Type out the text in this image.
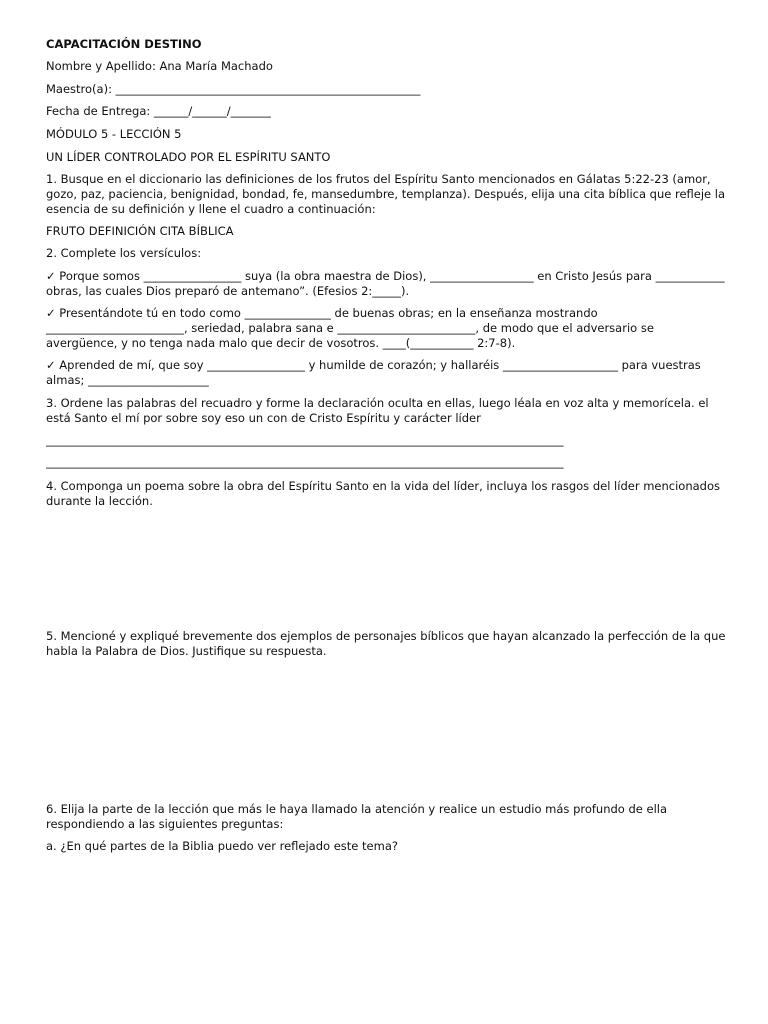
CAPACITACIÓN DESTINO
Nombre y Apellido: Ana María Machado
Maestro(a): _____________________________________________________
Fecha de Entrega: ______/______/_______
MÓDULO 5 - LECCIÓN 5
UN LÍDER CONTROLADO POR EL ESPÍRITU SANTO
1. Busque en el diccionario las definiciones de los frutos del Espíritu Santo mencionados en Gálatas 5:22-23 (amor, gozo, paz, paciencia, benignidad, bondad, fe, mansedumbre, templanza). Después, elija una cita bíblica que refleje la esencia de su definición y llene el cuadro a continuación:
FRUTO DEFINICIÓN CITA BÍBLICA
2. Complete los versículos:
✓ Porque somos _________________ suya (la obra maestra de Dios), __________________ en Cristo Jesús para ____________ obras, las cuales Dios preparó de antemano”. (Efesios 2:_____).
✓ Presentándote tú en todo como _______________ de buenas obras; en la enseñanza mostrando ________________________, seriedad, palabra sana e ________________________, de modo que el adversario se avergüence, y no tenga nada malo que decir de vosotros. ____(___________ 2:7-8).
✓ Aprended de mí, que soy _________________ y humilde de corazón; y hallaréis ____________________ para vuestras almas; _____________________
3. Ordene las palabras del recuadro y forme la declaración oculta en ellas, luego léala en voz alta y memorícela. el está Santo el mí por sobre soy eso un con de Cristo Espíritu y carácter líder
__________________________________________________________________________________________
__________________________________________________________________________________________
4. Componga un poema sobre la obra del Espíritu Santo en la vida del líder, incluya los rasgos del líder mencionados durante la lección.
5. Mencioné y expliqué brevemente dos ejemplos de personajes bíblicos que hayan alcanzado la perfección de la que habla la Palabra de Dios. Justifique su respuesta.
6. Elija la parte de la lección que más le haya llamado la atención y realice un estudio más profundo de ella respondiendo a las siguientes preguntas:
a. ¿En qué partes de la Biblia puedo ver reflejado este tema?
